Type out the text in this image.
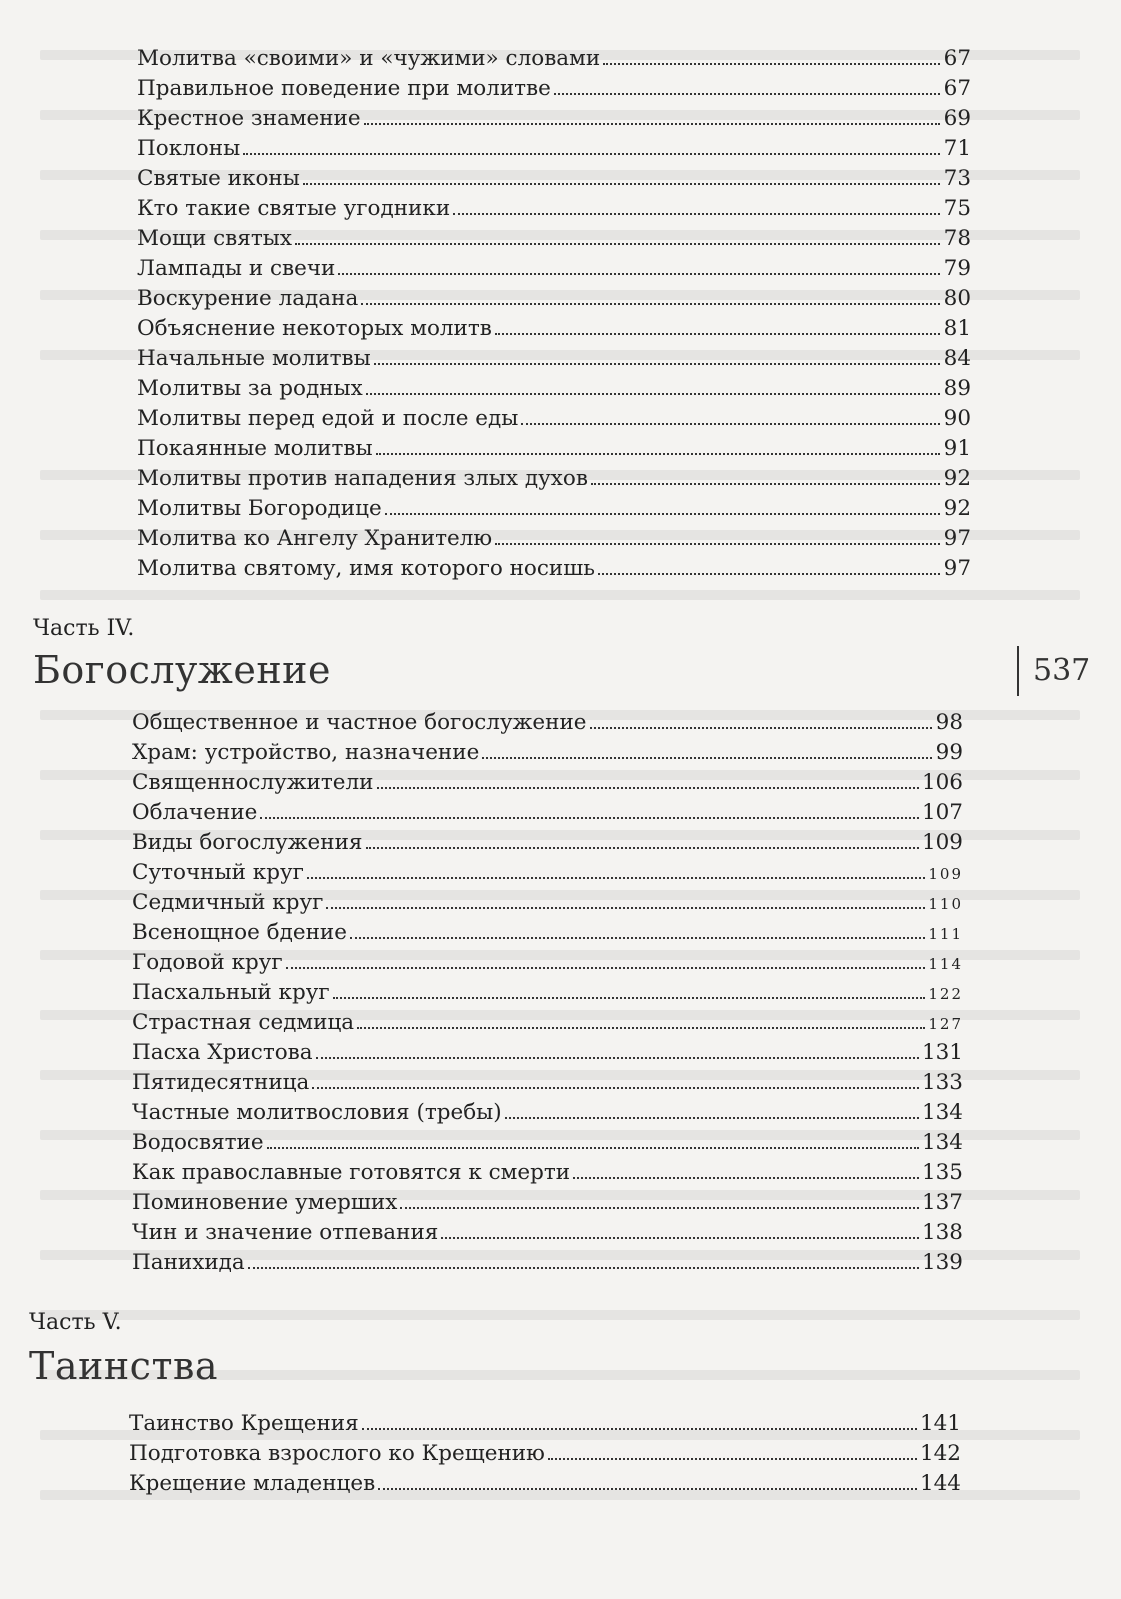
Молитва «своими» и «чужими» словами	67
Правильное поведение при молитве	67
Крестное знамение	69
Поклоны	71
Святые иконы	73
Кто такие святые угодники	75
Мощи святых	78
Лампады и свечи	79
Воскурение ладана	80
Объяснение некоторых молитв	81
Начальные молитвы	84
Молитвы за родных	89
Молитвы перед едой и после еды	90
Покаянные молитвы	91
Молитвы против нападения злых духов	92
Молитвы Богородице	92
Молитва ко Ангелу Хранителю	97
Молитва святому, имя которого носишь	97
Часть IV.
Богослужение	537
Общественное и частное богослужение	98
Храм: устройство, назначение	99
Священнослужители	106
Облачение	107
Виды богослужения	109
Суточный круг	109
Седмичный круг	110
Всенощное бдение	111
Годовой круг	114
Пасхальный круг	122
Страстная седмица	127
Пасха Христова	131
Пятидесятница	133
Частные молитвословия (требы)	134
Водосвятие	134
Как православные готовятся к смерти	135
Поминовение умерших	137
Чин и значение отпевания	138
Панихида	139
Часть V.
Таинства
Таинство Крещения	141
Подготовка взрослого ко Крещению	142
Крещение младенцев	144
